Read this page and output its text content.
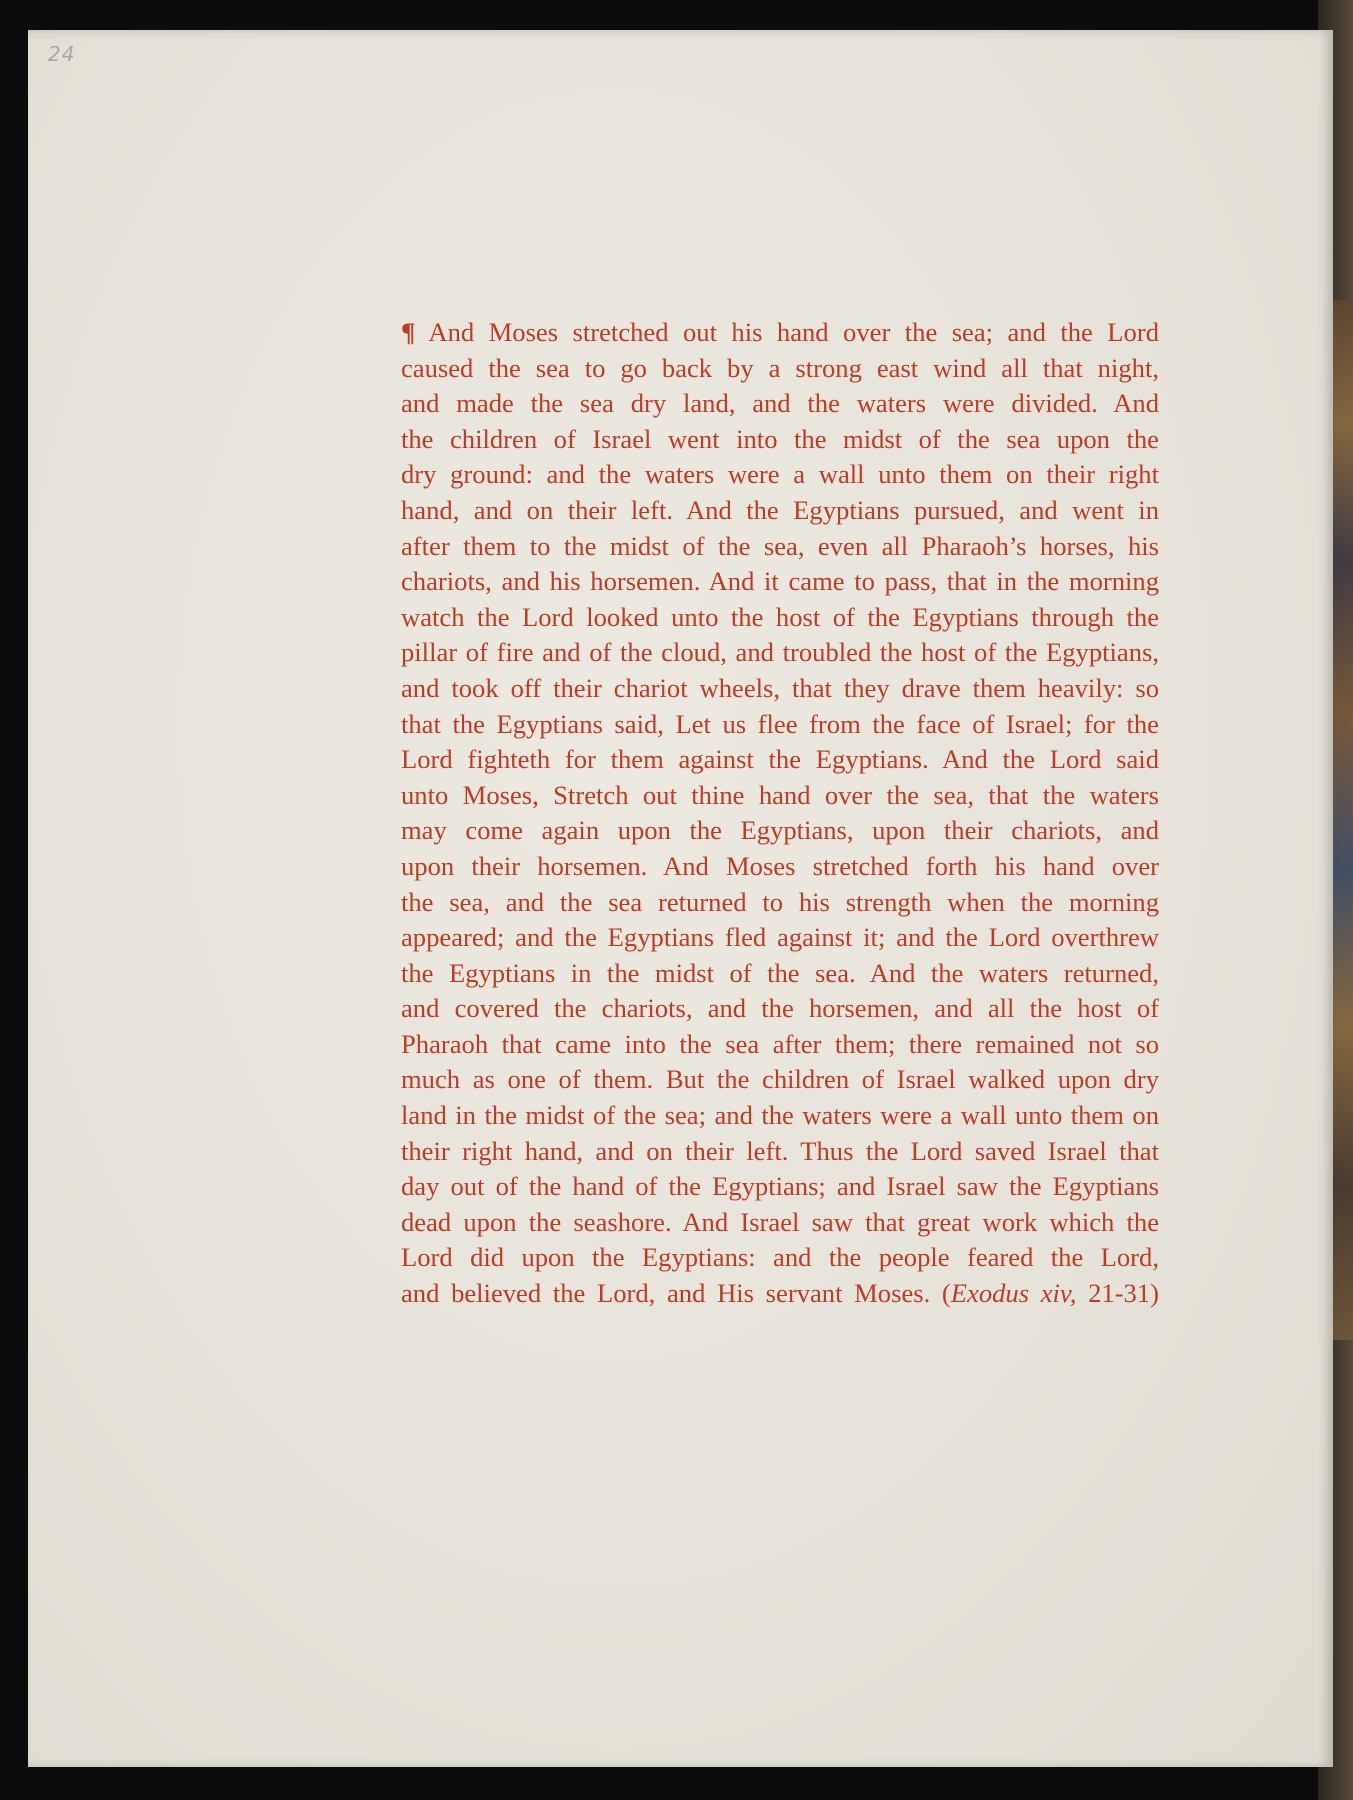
24
¶ And Moses stretched out his hand over the sea; and the Lord
caused the sea to go back by a strong east wind all that night,
and made the sea dry land, and the waters were divided. And
the children of Israel went into the midst of the sea upon the
dry ground: and the waters were a wall unto them on their right
hand, and on their left. And the Egyptians pursued, and went in
after them to the midst of the sea, even all Pharaoh’s horses, his
chariots, and his horsemen. And it came to pass, that in the morning
watch the Lord looked unto the host of the Egyptians through the
pillar of fire and of the cloud, and troubled the host of the Egyptians,
and took off their chariot wheels, that they drave them heavily: so
that the Egyptians said, Let us flee from the face of Israel; for the
Lord fighteth for them against the Egyptians. And the Lord said
unto Moses, Stretch out thine hand over the sea, that the waters
may come again upon the Egyptians, upon their chariots, and
upon their horsemen. And Moses stretched forth his hand over
the sea, and the sea returned to his strength when the morning
appeared; and the Egyptians fled against it; and the Lord overthrew
the Egyptians in the midst of the sea. And the waters returned,
and covered the chariots, and the horsemen, and all the host of
Pharaoh that came into the sea after them; there remained not so
much as one of them. But the children of Israel walked upon dry
land in the midst of the sea; and the waters were a wall unto them on
their right hand, and on their left. Thus the Lord saved Israel that
day out of the hand of the Egyptians; and Israel saw the Egyptians
dead upon the seashore. And Israel saw that great work which the
Lord did upon the Egyptians: and the people feared the Lord,
and believed the Lord, and His servant Moses. (Exodus xiv, 21-31)
